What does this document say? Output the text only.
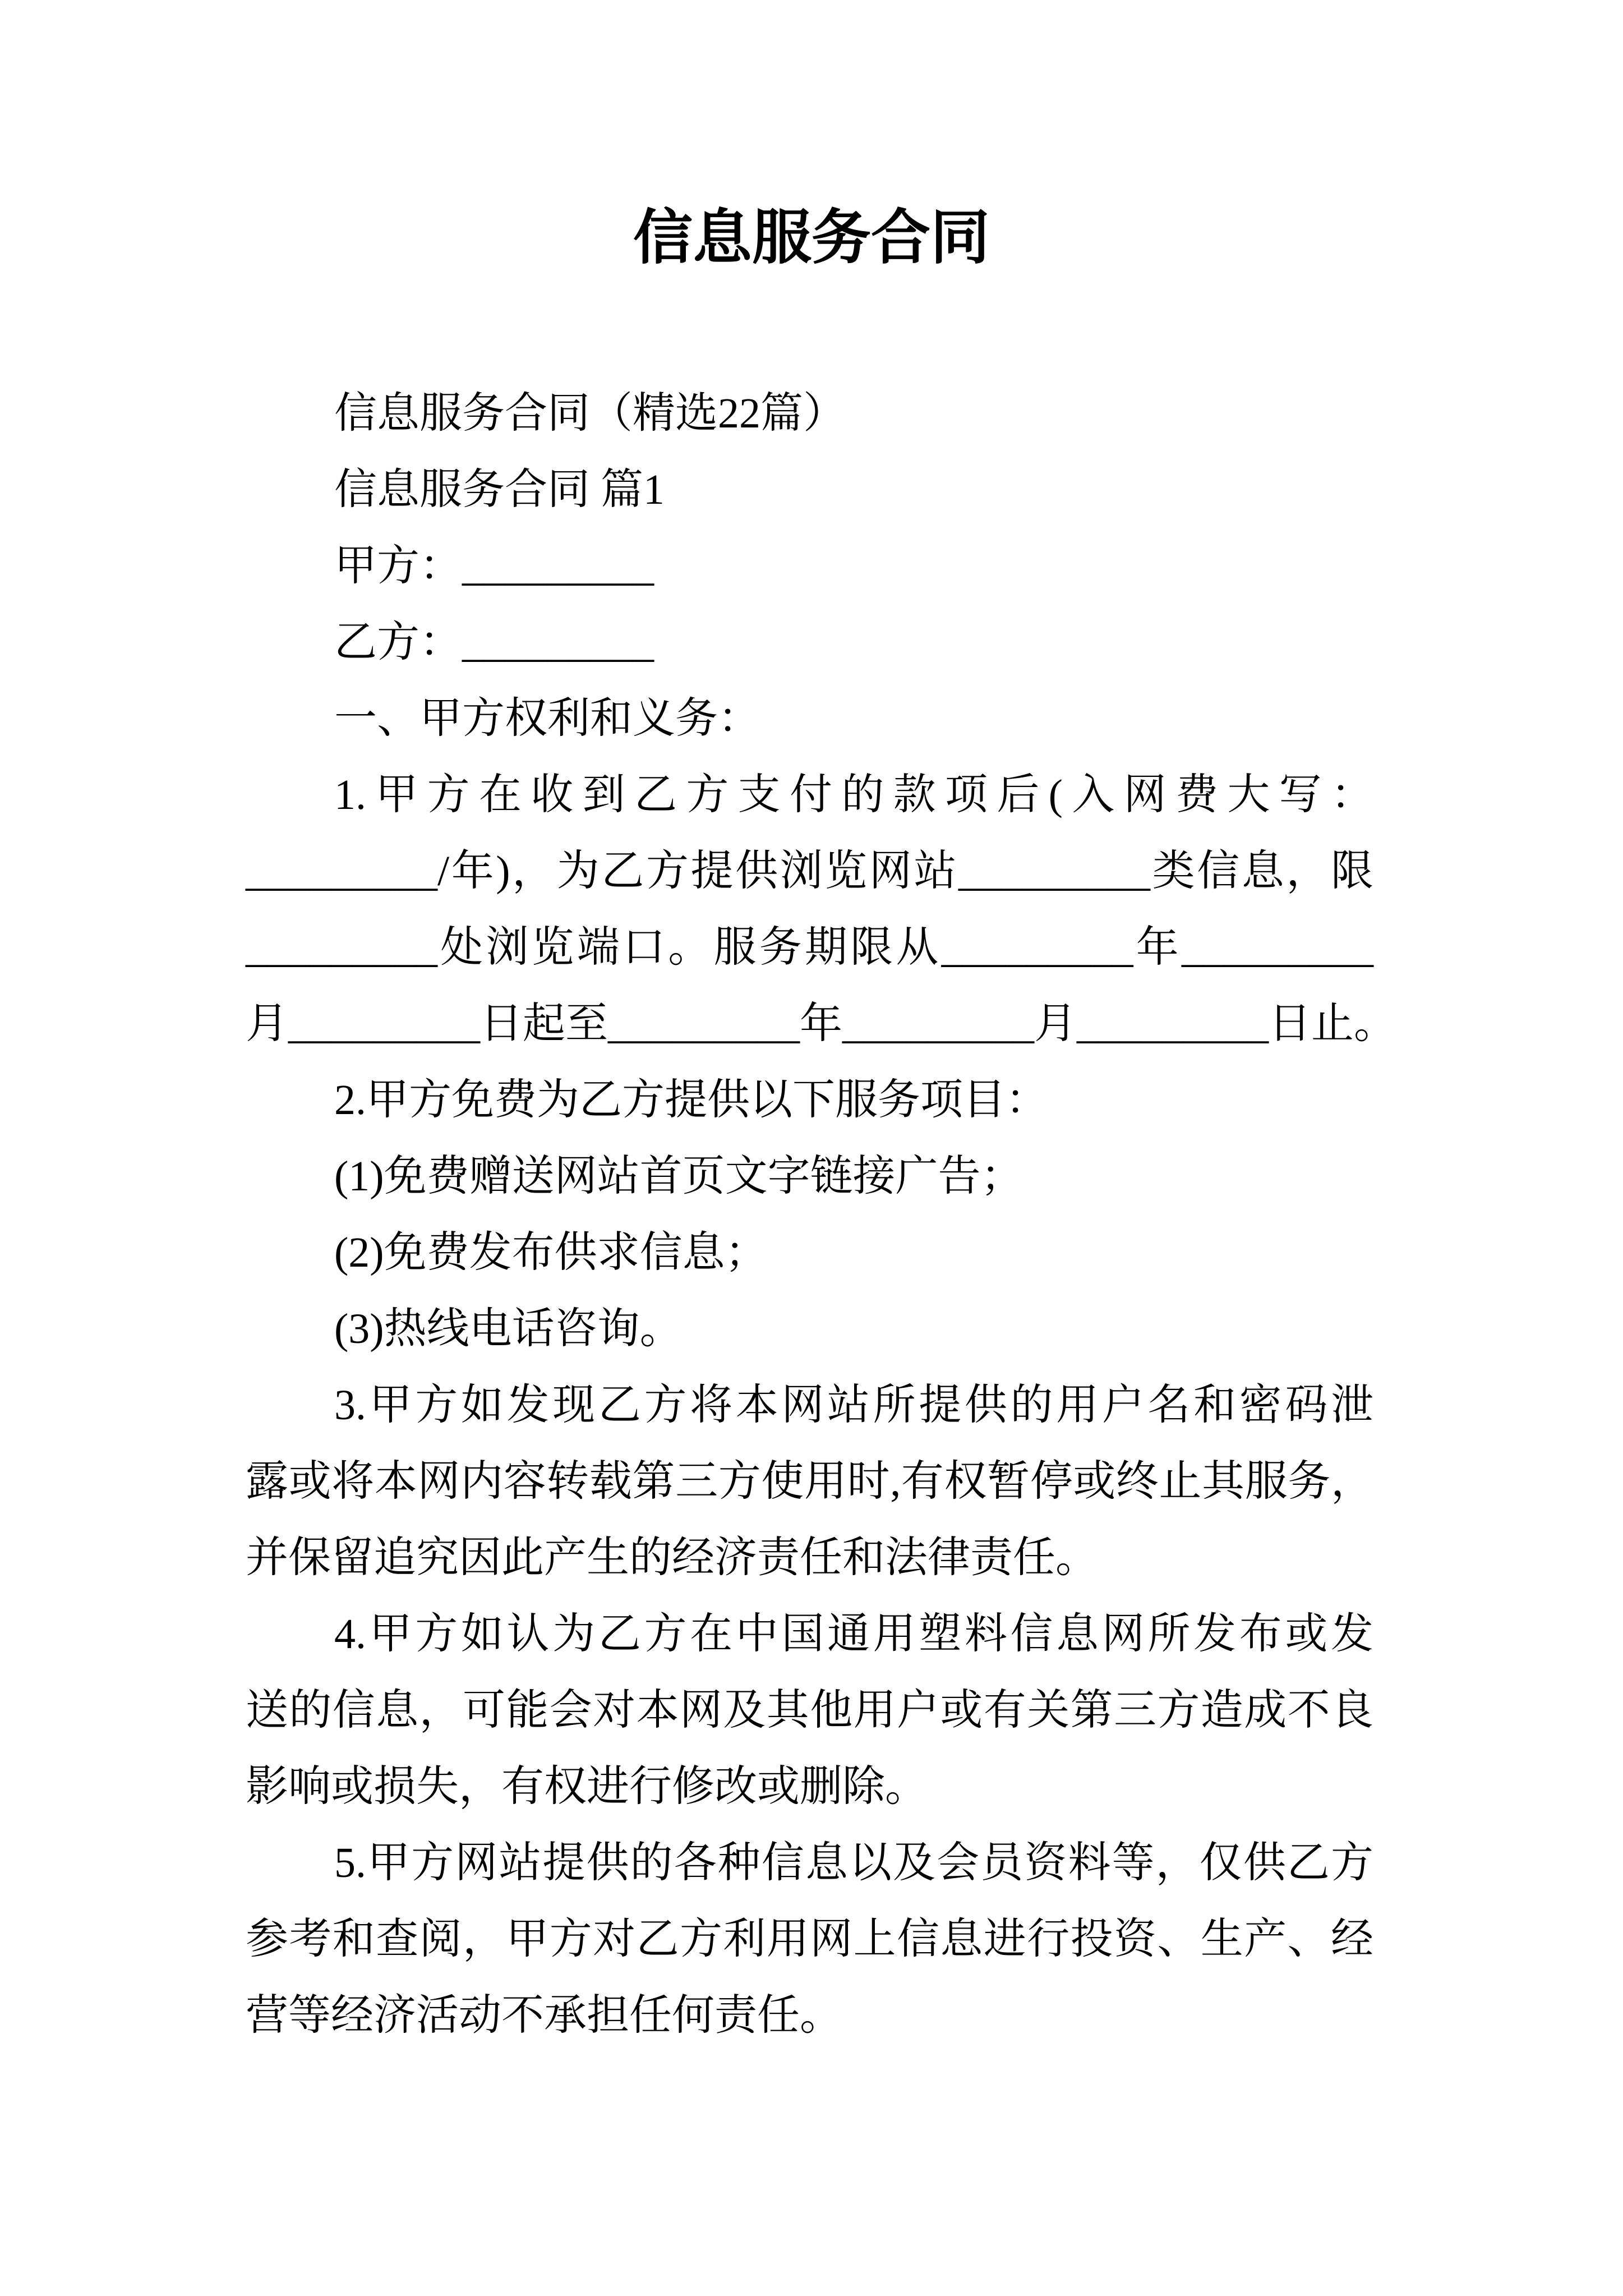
信息服务合同
信息服务合同（精选22篇）
信息服务合同 篇1
甲方：_________
乙方：_________
一、甲方权利和义务：
1.甲方在收到乙方支付的款项后(入网费大写：
_________/年)，为乙方提供浏览网站_________类信息，限
_________处浏览端口。服务期限从_________年_________
月_________日起至_________年_________月_________日止。
2.甲方免费为乙方提供以下服务项目：
(1)免费赠送网站首页文字链接广告；
(2)免费发布供求信息；
(3)热线电话咨询。
3.甲方如发现乙方将本网站所提供的用户名和密码泄
露或将本网内容转载第三方使用时,有权暂停或终止其服务，
并保留追究因此产生的经济责任和法律责任。
4.甲方如认为乙方在中国通用塑料信息网所发布或发
送的信息，可能会对本网及其他用户或有关第三方造成不良
影响或损失，有权进行修改或删除。
5.甲方网站提供的各种信息以及会员资料等，仅供乙方
参考和查阅，甲方对乙方利用网上信息进行投资、生产、经
营等经济活动不承担任何责任。
